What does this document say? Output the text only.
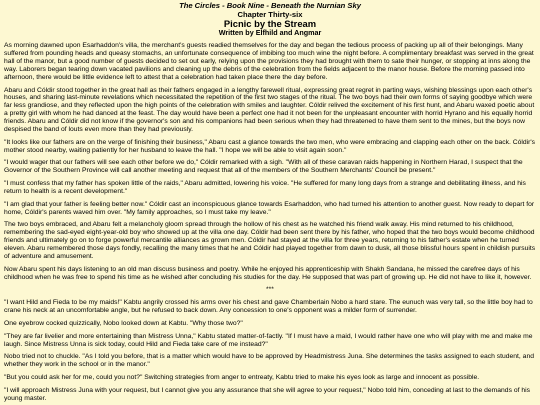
The Circles - Book Nine - Beneath the Nurnian Sky
Chapter Thirty-six
Picnic by the Stream
Written by Elfhild and Angmar

As morning dawned upon Esarhaddon's villa, the merchant's guests readied themselves for the day and began the tedious process of packing up all of their belongings. Many suffered from pounding heads and queasy stomachs, an unfortunate consequence of imbibing too much wine the night before. A complimentary breakfast was served in the great hall of the manor, but a good number of guests decided to set out early, relying upon the provisions they had brought with them to sate their hunger, or stopping at inns along the way. Laborers began tearing down vacated pavilions and cleaning up the debris of the celebration from the fields adjacent to the manor house. Before the morning passed into afternoon, there would be little evidence left to attest that a celebration had taken place there the day before.

Abaru and Cóldir stood together in the great hall as their fathers engaged in a lengthy farewell ritual, expressing great regret in parting ways, wishing blessings upon each other's houses, and sharing last-minute revelations which necessitated the repetition of the first two stages of the ritual. The two boys had their own forms of saying goodbye which were far less grandiose, and they reflected upon the high points of the celebration with smiles and laughter. Cóldir relived the excitement of his first hunt, and Abaru waxed poetic about a pretty girl with whom he had danced at the feast. The day would have been a perfect one had it not been for the unpleasant encounter with horrid Hyrano and his equally horrid friends. Abaru and Cóldir did not know if the governor's son and his companions had been serious when they had threatened to have them sent to the mines, but the boys now despised the band of louts even more than they had previously.

"It looks like our fathers are on the verge of finishing their business," Abaru cast a glance towards the two men, who were embracing and clapping each other on the back. Cóldir's mother stood nearby, waiting patiently for her husband to leave the hall. "I hope we will be able to visit again soon."

"I would wager that our fathers will see each other before we do," Cóldir remarked with a sigh. "With all of these caravan raids happening in Northern Harad, I suspect that the Governor of the Southern Province will call another meeting and request that all of the members of the Southern Merchants' Council be present."

"I must confess that my father has spoken little of the raids," Abaru admitted, lowering his voice. "He suffered for many long days from a strange and debilitating illness, and his return to health is a recent development."

"I am glad that your father is feeling better now." Cóldir cast an inconspicuous glance towards Esarhaddon, who had turned his attention to another guest. Now ready to depart for home, Cóldir's parents waved him over. "My family approaches, so I must take my leave."

The two boys embraced, and Abaru felt a melancholy gloom spread through the hollow of his chest as he watched his friend walk away. His mind returned to his childhood, remembering the sad-eyed eight-year-old boy who showed up at the villa one day. Cóldir had been sent there by his father, who hoped that the two boys would become childhood friends and ultimately go on to forge powerful mercantile alliances as grown men. Cóldir had stayed at the villa for three years, returning to his father's estate when he turned eleven. Abaru remembered those days fondly, recalling the many times that he and Cóldir had played together from dawn to dusk, all those blissful hours spent in childish pursuits of adventure and amusement.

Now Abaru spent his days listening to an old man discuss business and poetry. While he enjoyed his apprenticeship with Shakh Sandana, he missed the carefree days of his childhood when he was free to spend his time as he wished after concluding his studies for the day. He supposed that was part of growing up. He did not have to like it, however.

***

"I want Hild and Fieda to be my maids!" Kabtu angrily crossed his arms over his chest and gave Chamberlain Nobo a hard stare. The eunuch was very tall, so the little boy had to crane his neck at an uncomfortable angle, but he refused to back down. Any concession to one's opponent was a milder form of surrender.

One eyebrow cocked quizzically, Nobo looked down at Kabtu. "Why those two?"

"They are far livelier and more entertaining than Mistress Unna," Kabtu stated matter-of-factly. "If I must have a maid, I would rather have one who will play with me and make me laugh. Since Mistress Unna is sick today, could Hild and Fieda take care of me instead?"

Nobo tried not to chuckle. "As I told you before, that is a matter which would have to be approved by Headmistress Juna. She determines the tasks assigned to each student, and whether they work in the school or in the manor."

"But you could ask her for me, could you not?" Switching strategies from anger to entreaty, Kabtu tried to make his eyes look as large and innocent as possible.

"I will approach Mistress Juna with your request, but I cannot give you any assurance that she will agree to your request," Nobo told him, conceding at last to the demands of his young master.
